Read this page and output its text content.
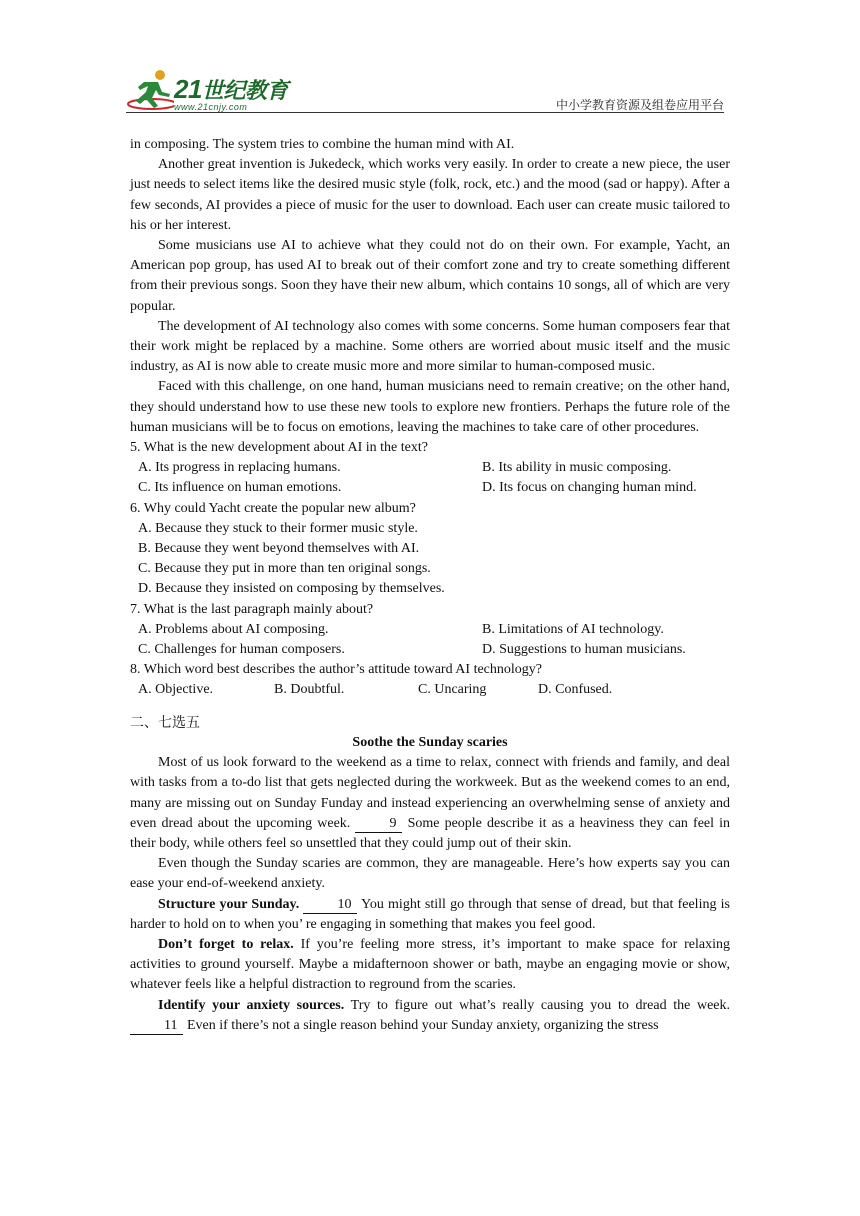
21世纪教育
www.21cnjy.com	中小学教育资源及组卷应用平台

in composing. The system tries to combine the human mind with AI.

Another great invention is Jukedeck, which works very easily. In order to create a new piece, the user just needs to select items like the desired music style (folk, rock, etc.) and the mood (sad or happy). After a few seconds, AI provides a piece of music for the user to download. Each user can create music tailored to his or her interest.

Some musicians use AI to achieve what they could not do on their own. For example, Yacht, an American pop group, has used AI to break out of their comfort zone and try to create something different from their previous songs. Soon they have their new album, which contains 10 songs, all of which are very popular.

The development of AI technology also comes with some concerns. Some human composers fear that their work might be replaced by a machine. Some others are worried about music itself and the music industry, as AI is now able to create music more and more similar to human-composed music.

Faced with this challenge, on one hand, human musicians need to remain creative; on the other hand, they should understand how to use these new tools to explore new frontiers. Perhaps the future role of the human musicians will be to focus on emotions, leaving the machines to take care of other procedures.

5. What is the new development about AI in the text?
A. Its progress in replacing humans.	B. Its ability in music composing.
C. Its influence on human emotions.	D. Its focus on changing human mind.
6. Why could Yacht create the popular new album?
A. Because they stuck to their former music style.
B. Because they went beyond themselves with AI.
C. Because they put in more than ten original songs.
D. Because they insisted on composing by themselves.
7. What is the last paragraph mainly about?
A. Problems about AI composing.	B. Limitations of AI technology.
C. Challenges for human composers.	D. Suggestions to human musicians.
8. Which word best describes the author’s attitude toward AI technology?
A. Objective.	B. Doubtful.	C. Uncaring	D. Confused.
二、七选五
Soothe the Sunday scaries

Most of us look forward to the weekend as a time to relax, connect with friends and family, and deal with tasks from a to-do list that gets neglected during the workweek. But as the weekend comes to an end, many are missing out on Sunday Funday and instead experiencing an overwhelming sense of anxiety and even dread about the upcoming week.	9 Some people describe it as a heaviness they can feel in their body, while others feel so unsettled that they could jump out of their skin.

Even though the Sunday scaries are common, they are manageable. Here’s how experts say you can ease your end-of-weekend anxiety.

Structure your Sunday.	10 You might still go through that sense of dread, but that feeling is harder to hold on to when you’ re engaging in something that makes you feel good.

Don’t forget to relax. If you’re feeling more stress, it’s important to make space for relaxing activities to ground yourself. Maybe a midafternoon shower or bath, maybe an engaging movie or show, whatever feels like a helpful distraction to reground from the scaries.

Identify your anxiety sources. Try to figure out what’s really causing you to dread the week. 11 Even if there’s not a single reason behind your Sunday anxiety, organizing the stress
